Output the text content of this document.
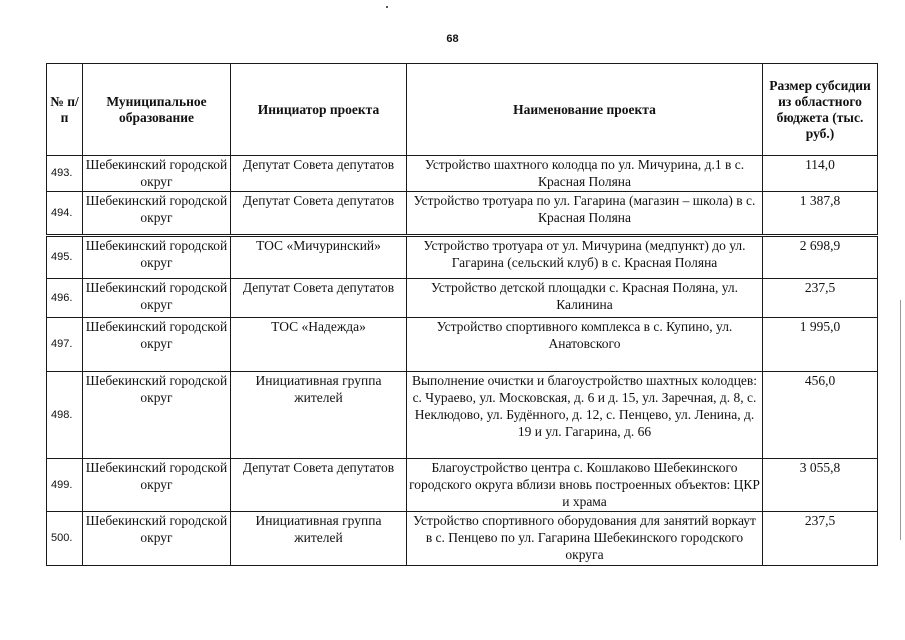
68
№ п/п	Муниципальное образование	Инициатор проекта	Наименование проекта	Размер субсидии из областного бюджета (тыс. руб.)
493.	Шебекинский городской округ	Депутат Совета депутатов	Устройство шахтного колодца по ул. Мичурина, д.1 в с. Красная Поляна	114,0
494.	Шебекинский городской округ	Депутат Совета депутатов	Устройство тротуара по ул. Гагарина (магазин – школа) в с. Красная Поляна	1 387,8
495.	Шебекинский городской округ	ТОС «Мичуринский»	Устройство тротуара от ул. Мичурина (медпункт) до ул. Гагарина (сельский клуб) в с. Красная Поляна	2 698,9
496.	Шебекинский городской округ	Депутат Совета депутатов	Устройство детской площадки с. Красная Поляна, ул. Калинина	237,5
497.	Шебекинский городской округ	ТОС «Надежда»	Устройство спортивного комплекса в с. Купино, ул. Анатовского	1 995,0
498.	Шебекинский городской округ	Инициативная группа жителей	Выполнение очистки и благоустройство шахтных колодцев: с. Чураево, ул. Московская, д. 6 и д. 15, ул. Заречная, д. 8, с. Неклюдово, ул. Будённого, д. 12, с. Пенцево, ул. Ленина, д. 19 и ул. Гагарина, д. 66	456,0
499.	Шебекинский городской округ	Депутат Совета депутатов	Благоустройство центра с. Кошлаково Шебекинского городского округа вблизи вновь построенных объектов: ЦКР и храма	3 055,8
500.	Шебекинский городской округ	Инициативная группа жителей	Устройство спортивного оборудования для занятий воркаут в с. Пенцево по ул. Гагарина Шебекинского городского округа	237,5
